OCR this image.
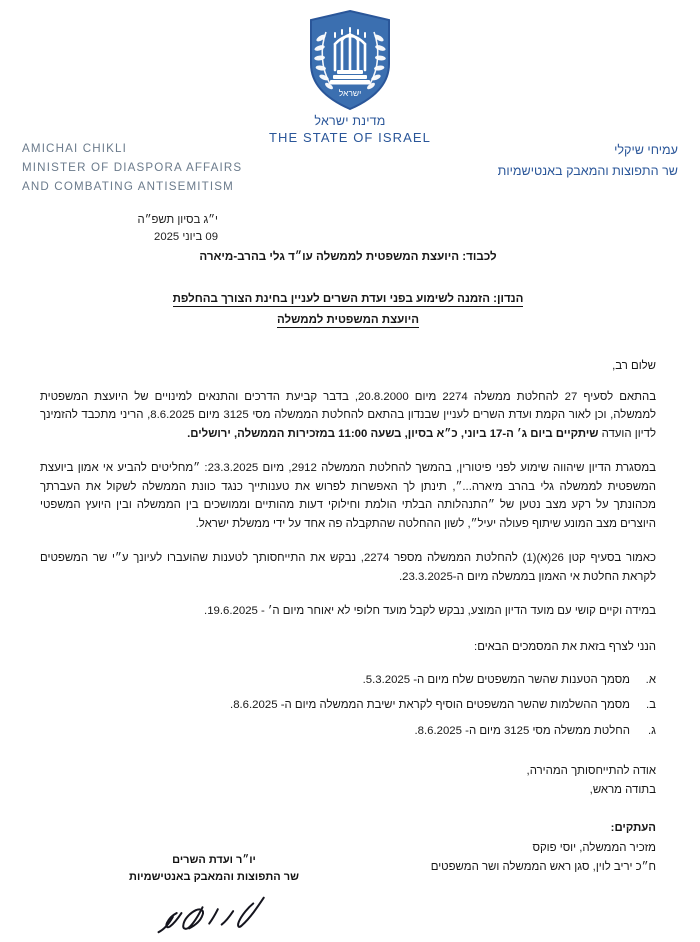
ישראל
מדינת ישראל
THE STATE OF ISRAEL
AMICHAI CHIKLI
MINISTER OF DIASPORA AFFAIRS
AND COMBATING ANTISEMITISM
עמיחי שיקלי
שר התפוצות והמאבק באנטישמיות
י״ג בסיון תשפ״ה
09 ביוני 2025
לכבוד: היועצת המשפטית לממשלה עו״ד גלי בהרב-מיארה
הנדון: הזמנה לשימוע בפני ועדת השרים לעניין בחינת הצורך בהחלפת
היועצת המשפטית לממשלה
שלום רב,

בהתאם לסעיף 27 להחלטת ממשלה 2274 מיום 20.8.2000, בדבר קביעת הדרכים והתנאים למינויים של היועצת המשפטית לממשלה, וכן לאור הקמת ועדת השרים לעניין שבנדון בהתאם להחלטת הממשלה מסי 3125 מיום 8.6.2025, הריני מתכבד להזמינך לדיון הועדה שיתקיים ביום ג׳ ה-17 ביוני, כ״א בסיון, בשעה 11:00 במזכירות הממשלה, ירושלים.

במסגרת הדיון שיהווה שימוע לפני פיטורין, בהמשך להחלטת הממשלה 2912, מיום 23.3.2025: ״מחליטים להביע אי אמון ביועצת המשפטית לממשלה גלי בהרב מיארה...״, תינתן לך האפשרות לפרוש את טענותייך כנגד כוונת הממשלה לשקול את העברתך מכהונתך על רקע מצב נטען של ״התנהלותה הבלתי הולמת וחילוקי דעות מהותיים וממושכים בין הממשלה ובין היועץ המשפטי היוצרים מצב המונע שיתוף פעולה יעיל״, לשון ההחלטה שהתקבלה פה אחד על ידי ממשלת ישראל.

כאמור בסעיף קטן 26(א)(1) להחלטת הממשלה מספר 2274, נבקש את התייחסותך לטענות שהועברו לעיונך ע״י שר המשפטים לקראת החלטת אי האמון בממשלה מיום ה-23.3.2025.

במידה וקיים קושי עם מועד הדיון המוצע, נבקש לקבל מועד חלופי לא יאוחר מיום ה׳ - 19.6.2025.

הנני לצרף בזאת את המסמכים הבאים:
א.
מסמך הטענות שהשר המשפטים שלח מיום ה- 5.3.2025.
ב.
מסמך ההשלמות שהשר המשפטים הוסיף לקראת ישיבת הממשלה מיום ה- 8.6.2025.
ג.
החלטת ממשלה מסי 3125 מיום ה- 8.6.2025.
אודה להתייחסותך המהירה,
בתודה מראש,
העתקים:
מזכיר הממשלה, יוסי פוקס
ח״כ יריב לוין, סגן ראש הממשלה ושר המשפטים
יו״ר ועדת השרים
שר התפוצות והמאבק באנטישמיות
